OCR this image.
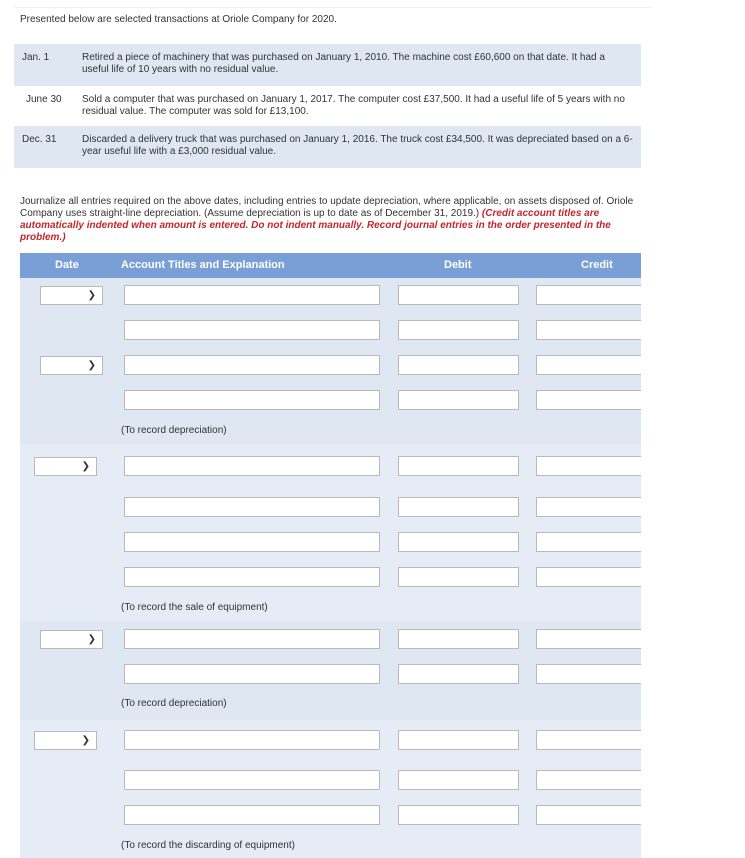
Presented below are selected transactions at Oriole Company for 2020.
Jan. 1	Retired a piece of machinery that was purchased on January 1, 2010. The machine cost £60,600 on that date. It had a useful life of 10 years with no residual value.
June 30	Sold a computer that was purchased on January 1, 2017. The computer cost £37,500. It had a useful life of 5 years with no residual value. The computer was sold for £13,100.
Dec. 31	Discarded a delivery truck that was purchased on January 1, 2016. The truck cost £34,500. It was depreciated based on a 6-year useful life with a £3,000 residual value.
Journalize all entries required on the above dates, including entries to update depreciation, where applicable, on assets disposed of. Oriole Company uses straight-line depreciation. (Assume depreciation is up to date as of December 31, 2019.) (Credit account titles are automatically indented when amount is entered. Do not indent manually. Record journal entries in the order presented in the problem.)
Date	Account Titles and Explanation	Debit	Credit
❯
❯
(To record depreciation)
❯
(To record the sale of equipment)
❯
(To record depreciation)
❯
(To record the discarding of equipment)
